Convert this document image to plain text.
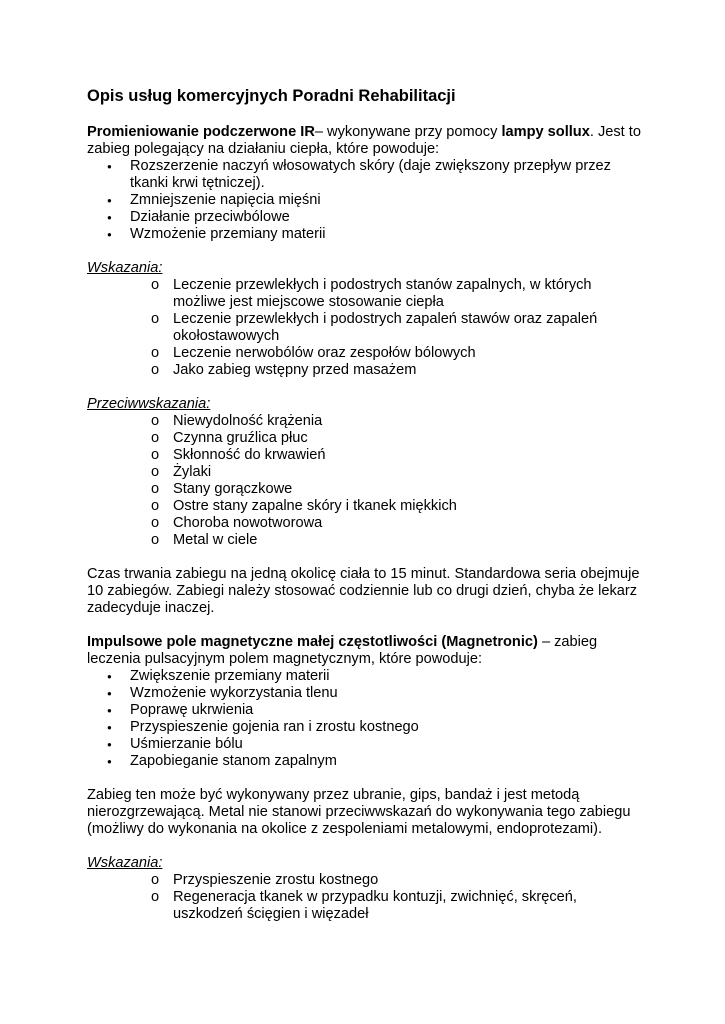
Opis usług komercyjnych Poradni Rehabilitacji

Promieniowanie podczerwone IR– wykonywane przy pomocy lampy sollux. Jest to zabieg polegający na działaniu ciepła, które powoduje:

● Rozszerzenie naczyń włosowatych skóry (daje zwiększony przepływ przez tkanki krwi tętniczej).
● Zmniejszenie napięcia mięśni
● Działanie przeciwbólowe
● Wzmożenie przemiany materii

Wskazania:

o Leczenie przewlekłych i podostrych stanów zapalnych, w których możliwe jest miejscowe stosowanie ciepła
o Leczenie przewlekłych i podostrych zapaleń stawów oraz zapaleń okołostawowych
o Leczenie nerwobólów oraz zespołów bólowych
o Jako zabieg wstępny przed masażem

Przeciwwskazania:

o Niewydolność krążenia
o Czynna gruźlica płuc
o Skłonność do krwawień
o Żylaki
o Stany gorączkowe
o Ostre stany zapalne skóry i tkanek miękkich
o Choroba nowotworowa
o Metal w ciele

Czas trwania zabiegu na jedną okolicę ciała to 15 minut. Standardowa seria obejmuje 10 zabiegów. Zabiegi należy stosować codziennie lub co drugi dzień, chyba że lekarz zadecyduje inaczej.

Impulsowe pole magnetyczne małej częstotliwości (Magnetronic) – zabieg leczenia pulsacyjnym polem magnetycznym, które powoduje:

● Zwiększenie przemiany materii
● Wzmożenie wykorzystania tlenu
● Poprawę ukrwienia
● Przyspieszenie gojenia ran i zrostu kostnego
● Uśmierzanie bólu
● Zapobieganie stanom zapalnym

Zabieg ten może być wykonywany przez ubranie, gips, bandaż i jest metodą nierozgrzewającą. Metal nie stanowi przeciwwskazań do wykonywania tego zabiegu (możliwy do wykonania na okolice z zespoleniami metalowymi, endoprotezami).

Wskazania:

o Przyspieszenie zrostu kostnego
o Regeneracja tkanek w przypadku kontuzji, zwichnięć, skręceń, uszkodzeń ścięgien i więzadeł
